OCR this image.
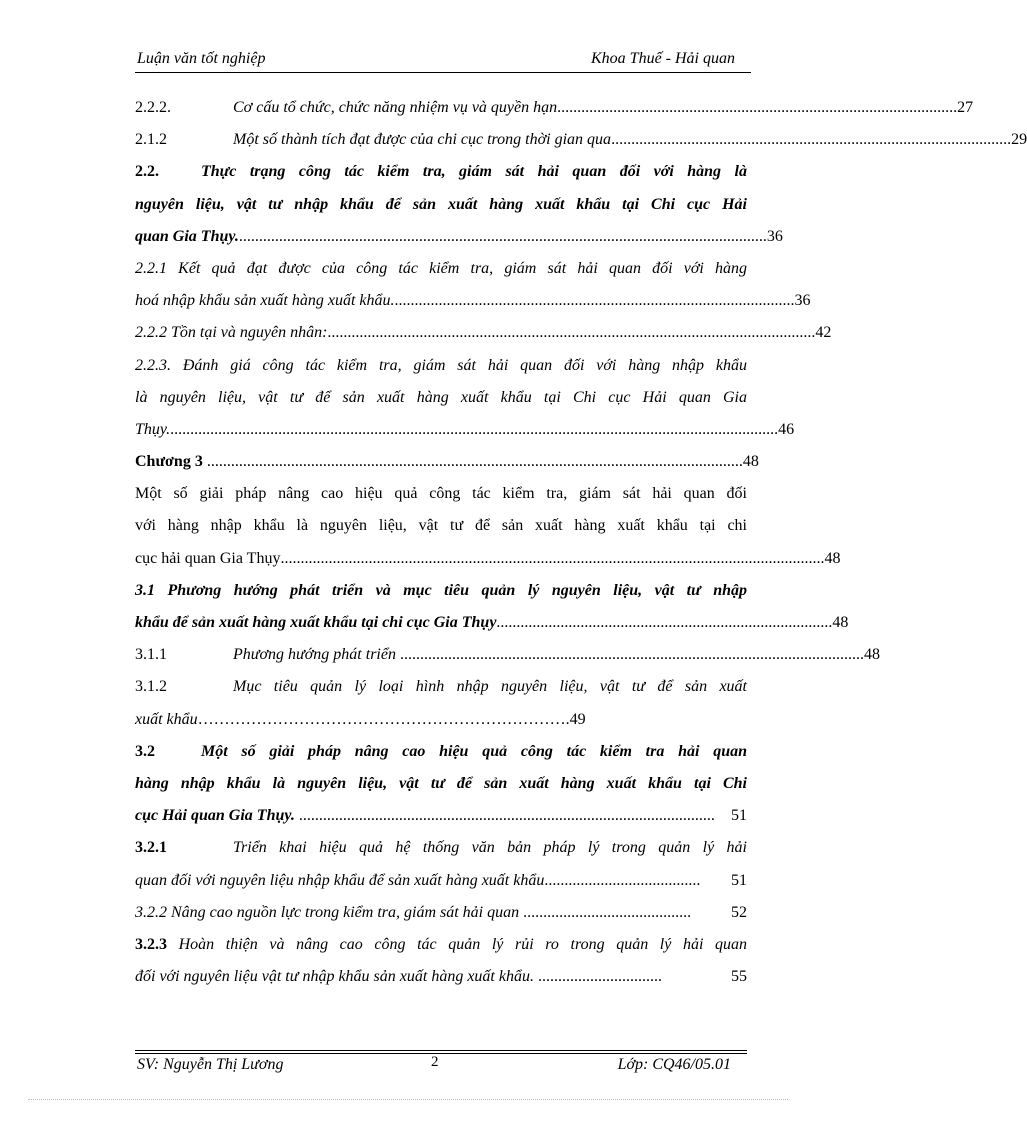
Luận văn tốt nghiệp	Khoa Thuế - Hải quan
2.2.2.	Cơ cấu tổ chức, chức năng nhiệm vụ và quyền hạn .................................................................................................... 27
2.1.2	Một số thành tích đạt được của chi cục trong thời gian qua .................................................................................................... 29
2.2.	Thực trạng công tác kiểm tra, giám sát hải quan đối với hàng là
nguyên liệu, vật tư nhập khẩu để sản xuất hàng xuất khẩu tại Chi cục Hải
quan Gia Thụy. .................................................................................................................................... 36
2.2.1 Kết quả đạt được của công tác kiểm tra, giám sát hải quan đối với hàng
hoá nhập khẩu sản xuất hàng xuất khẩu. .................................................................................................... 36
2.2.2 Tồn tại và nguyên nhân: .......................................................................................................................... 42
2.2.3. Đánh giá công tác kiểm tra, giám sát hải quan đối với hàng nhập khẩu
là nguyên liệu, vật tư để sản xuất hàng xuất khẩu tại Chi cục Hải quan Gia
Thụy. ........................................................................................................................................................ 46
Chương 3 ...................................................................................................................................... 48
Một số giải pháp nâng cao hiệu quả công tác kiểm tra, giám sát hải quan đối
với hàng nhập khẩu là nguyên liệu, vật tư để sản xuất hàng xuất khẩu tại chi
cục hải quan Gia Thụy ........................................................................................................................................ 48
3.1 Phương hướng phát triển và mục tiêu quản lý nguyên liệu, vật tư nhập
khẩu để sản xuất hàng xuất khẩu tại chi cục Gia Thụy .................................................................................... 48
3.1.1	Phương hướng phát triển .................................................................................................................... 48
3.1.2	Mục tiêu quản lý loại hình nhập nguyên liệu, vật tư để sản xuất
xuất khẩu…………………………………………………………….49
3.2	Một số giải pháp nâng cao hiệu quả công tác kiểm tra hải quan
hàng nhập khẩu là nguyên liệu, vật tư để sản xuất hàng xuất khẩu tại Chi
cục Hải quan Gia Thụy. ........................................................................................................	51
3.2.1	Triển khai hiệu quả hệ thống văn bản pháp lý trong quản lý hải
quan đối với nguyên liệu nhập khẩu để sản xuất hàng xuất khẩu .......................................	51
3.2.2 Nâng cao nguồn lực trong kiểm tra, giám sát hải quan ..........................................	52
3.2.3 Hoàn thiện và nâng cao công tác quản lý rủi ro trong quản lý hải quan
đối với nguyên liệu vật tư nhập khẩu sản xuất hàng xuất khẩu. ...............................	55
SV: Nguyễn Thị Lương	2	Lớp: CQ46/05.01
